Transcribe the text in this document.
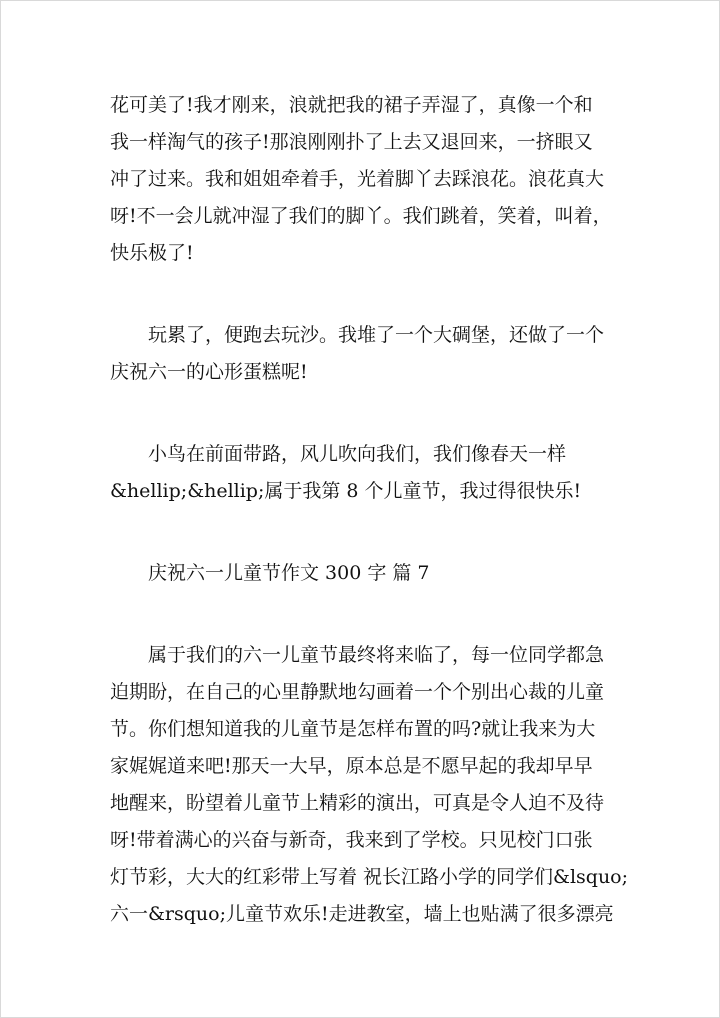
花可美了!我才刚来，浪就把我的裙子弄湿了，真像一个和
我一样淘气的孩子!那浪刚刚扑了上去又退回来，一挤眼又
冲了过来。我和姐姐牵着手，光着脚丫去踩浪花。浪花真大
呀!不一会儿就冲湿了我们的脚丫。我们跳着，笑着，叫着，
快乐极了!

玩累了，便跑去玩沙。我堆了一个大碉堡，还做了一个
庆祝六一的心形蛋糕呢!

小鸟在前面带路，风儿吹向我们，我们像春天一样
&hellip;&hellip;属于我第 8 个儿童节，我过得很快乐!

庆祝六一儿童节作文 300 字 篇 7

属于我们的六一儿童节最终将来临了，每一位同学都急
迫期盼，在自己的心里静默地勾画着一个个别出心裁的儿童
节。你们想知道我的儿童节是怎样布置的吗?就让我来为大
家娓娓道来吧!那天一大早，原本总是不愿早起的我却早早
地醒来，盼望着儿童节上精彩的演出，可真是令人迫不及待
呀!带着满心的兴奋与新奇，我来到了学校。只见校门口张
灯节彩，大大的红彩带上写着 祝长江路小学的同学们&lsquo;
六一&rsquo;儿童节欢乐!走进教室，墙上也贴满了很多漂亮
